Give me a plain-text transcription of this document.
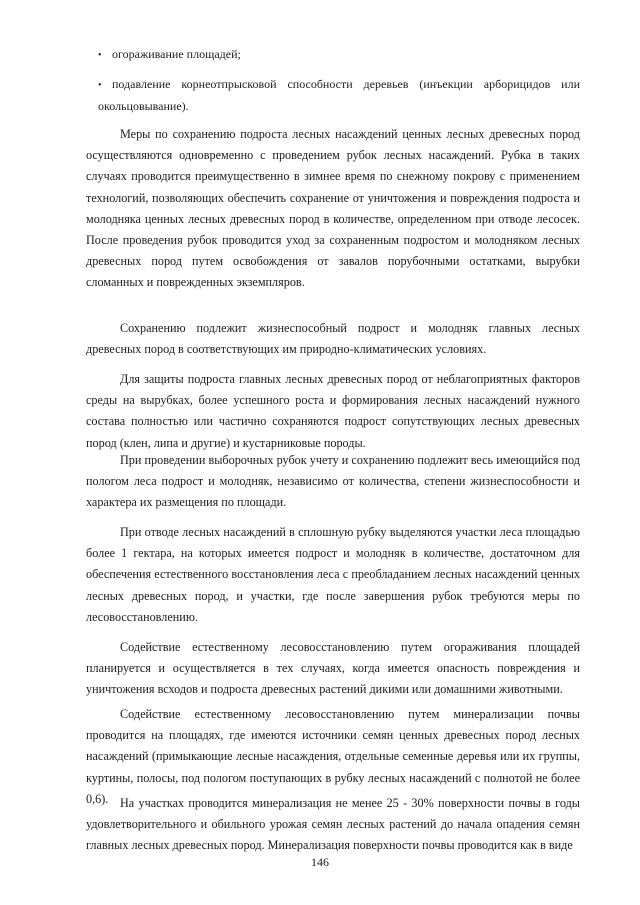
• огораживание площадей;
• подавление корнеотпрысковой способности деревьев (инъекции арборицидов или окольцовывание).

Меры по сохранению подроста лесных насаждений ценных лесных древесных пород осуществляются одновременно с проведением рубок лесных насаждений. Рубка в таких случаях проводится преимущественно в зимнее время по снежному покрову с применением технологий, позволяющих обеспечить сохранение от уничтожения и повреждения подроста и молодняка ценных лесных древесных пород в количестве, определенном при отводе лесосек. После проведения рубок проводится уход за сохраненным подростом и молодняком лесных древесных пород путем освобождения от завалов порубочными остатками, вырубки сломанных и поврежденных экземпляров.

Сохранению подлежит жизнеспособный подрост и молодняк главных лесных древесных пород в соответствующих им природно-климатических условиях.

Для защиты подроста главных лесных древесных пород от неблагоприятных факторов среды на вырубках, более успешного роста и формирования лесных насаждений нужного состава полностью или частично сохраняются подрост сопутствующих лесных древесных пород (клен, липа и другие) и кустарниковые породы.

При проведении выборочных рубок учету и сохранению подлежит весь имеющийся под пологом леса подрост и молодняк, независимо от количества, степени жизнеспособности и характера их размещения по площади.

При отводе лесных насаждений в сплошную рубку выделяются участки леса площадью более 1 гектара, на которых имеется подрост и молодняк в количестве, достаточном для обеспечения естественного восстановления леса с преобладанием лесных насаждений ценных лесных древесных пород, и участки, где после завершения рубок требуются меры по лесовосстановлению.

Содействие естественному лесовосстановлению путем огораживания площадей планируется и осуществляется в тех случаях, когда имеется опасность повреждения и уничтожения всходов и подроста древесных растений дикими или домашними животными.

Содействие естественному лесовосстановлению путем минерализации почвы проводится на площадях, где имеются источники семян ценных древесных пород лесных насаждений (примыкающие лесные насаждения, отдельные семенные деревья или их группы, куртины, полосы, под пологом поступающих в рубку лесных насаждений с полнотой не более 0,6). На участках проводится минерализация не менее 25 - 30% поверхности почвы в годы удовлетворительного и обильного урожая семян лесных растений до начала опадения семян главных лесных древесных пород. Минерализация поверхности почвы проводится как в виде

146
